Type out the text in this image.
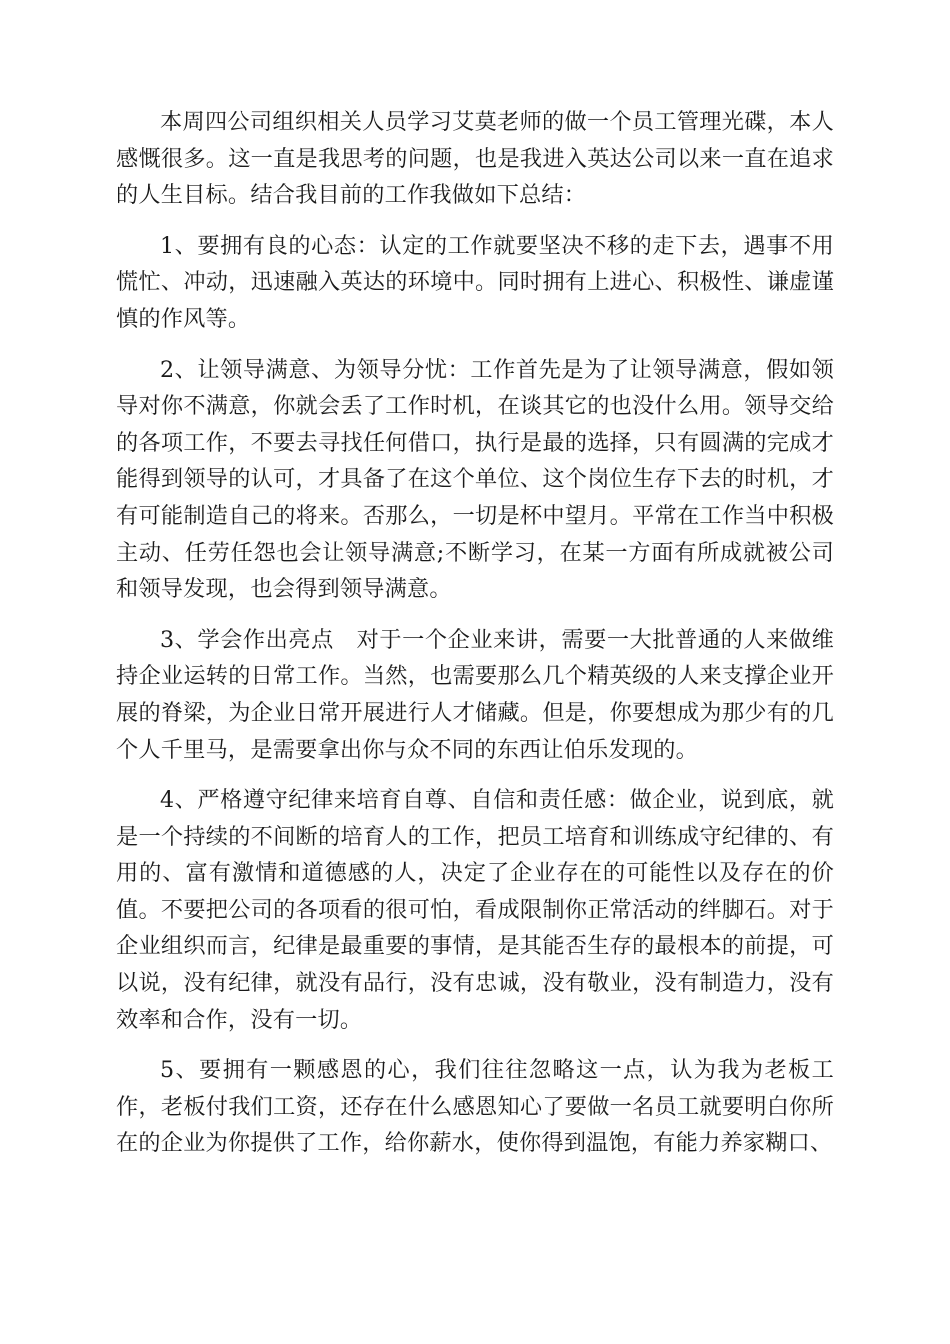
本周四公司组织相关人员学习艾莫老师的做一个员工管理光碟，本人感慨很多。这一直是我思考的问题，也是我进入英达公司以来一直在追求的人生目标。结合我目前的工作我做如下总结：

1、要拥有良的心态：认定的工作就要坚决不移的走下去，遇事不用慌忙、冲动，迅速融入英达的环境中。同时拥有上进心、积极性、谦虚谨慎的作风等。

2、让领导满意、为领导分忧：工作首先是为了让领导满意，假如领导对你不满意，你就会丢了工作时机，在谈其它的也没什么用。领导交给的各项工作，不要去寻找任何借口，执行是最的选择，只有圆满的完成才能得到领导的认可，才具备了在这个单位、这个岗位生存下去的时机，才有可能制造自己的将来。否那么，一切是杯中望月。平常在工作当中积极主动、任劳任怨也会让领导满意;不断学习，在某一方面有所成就被公司和领导发现，也会得到领导满意。

3、学会作出亮点　对于一个企业来讲，需要一大批普通的人来做维持企业运转的日常工作。当然，也需要那么几个精英级的人来支撑企业开展的脊梁，为企业日常开展进行人才储藏。但是，你要想成为那少有的几个人千里马，是需要拿出你与众不同的东西让伯乐发现的。

4、严格遵守纪律来培育自尊、自信和责任感：做企业，说到底，就是一个持续的不间断的培育人的工作，把员工培育和训练成守纪律的、有用的、富有激情和道德感的人，决定了企业存在的可能性以及存在的价值。不要把公司的各项看的很可怕，看成限制你正常活动的绊脚石。对于企业组织而言，纪律是最重要的事情，是其能否生存的最根本的前提，可以说，没有纪律，就没有品行，没有忠诚，没有敬业，没有制造力，没有效率和合作，没有一切。

5、要拥有一颗感恩的心，我们往往忽略这一点，认为我为老板工作，老板付我们工资，还存在什么感恩知心了要做一名员工就要明白你所在的企业为你提供了工作，给你薪水，使你得到温饱，有能力养家糊口、
